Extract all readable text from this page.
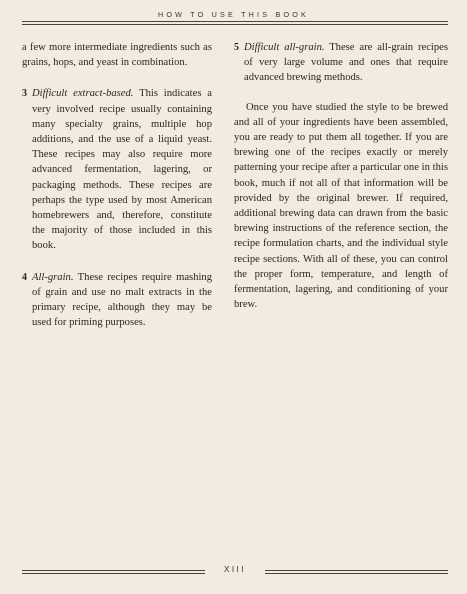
HOW TO USE THIS BOOK

a few more intermediate ingredients such as grains, hops, and yeast in combination.

3 Difficult extract-based. This indicates a very involved recipe usually containing many specialty grains, multiple hop additions, and the use of a liquid yeast. These recipes may also require more advanced fermentation, lagering, or packaging methods. These recipes are perhaps the type used by most American homebrewers and, therefore, constitute the majority of those included in this book.

4 All-grain. These recipes require mashing of grain and use no malt extracts in the primary recipe, although they may be used for priming purposes.

5 Difficult all-grain. These are all-grain recipes of very large volume and ones that require advanced brewing methods.

Once you have studied the style to be brewed and all of your ingredients have been assembled, you are ready to put them all together. If you are brewing one of the recipes exactly or merely patterning your recipe after a particular one in this book, much if not all of that information will be provided by the original brewer. If required, additional brewing data can drawn from the basic brewing instructions of the reference section, the recipe formulation charts, and the individual style recipe sections. With all of these, you can control the proper form, temperature, and length of fermentation, lagering, and conditioning of your brew.

XIII
